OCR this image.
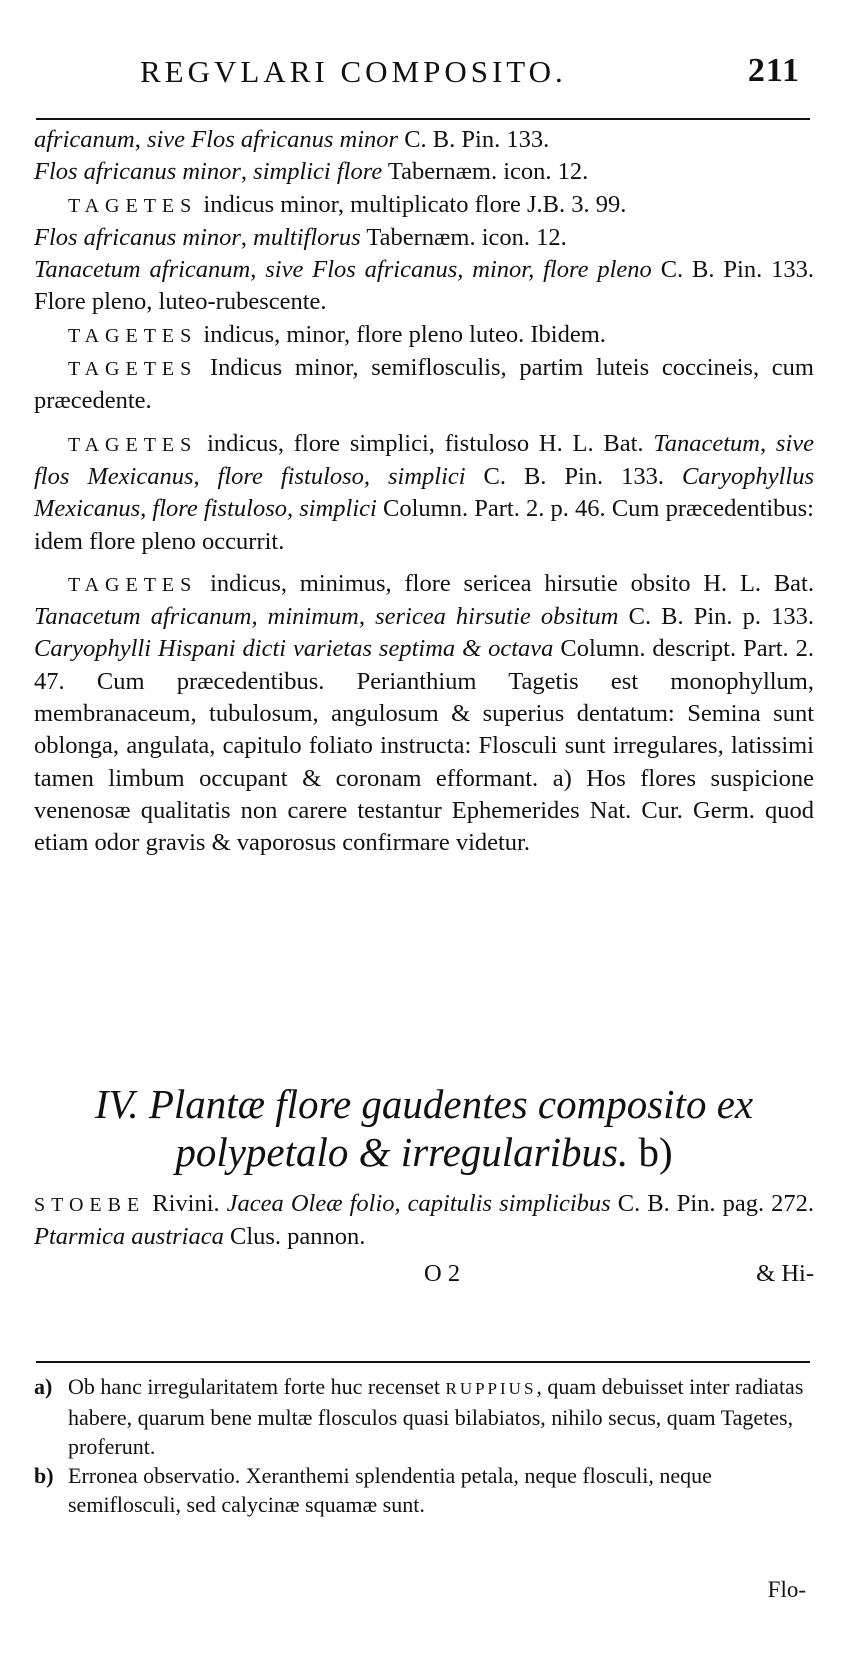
REGVLARI COMPOSITO.	211

africanum, sive Flos africanus minor C. B. Pin. 133.

Flos africanus minor, simplici flore Tabernæm. icon. 12.

TAGETES indicus minor, multiplicato flore J.B. 3. 99.

Flos africanus minor, multiflorus Tabernæm. icon. 12.

Tanacetum africanum, sive Flos africanus, minor, flore pleno C. B. Pin. 133. Flore pleno, luteo-rubescente.

TAGETES indicus, minor, flore pleno luteo. Ibidem.

TAGETES Indicus minor, semiflosculis, partim luteis coccineis, cum præcedente.

TAGETES indicus, flore simplici, fistuloso H. L. Bat. Tanacetum, sive flos Mexicanus, flore fistuloso, simplici C. B. Pin. 133. Caryophyllus Mexicanus, flore fistuloso, simplici Column. Part. 2. p. 46. Cum præcedentibus: idem flore pleno occurrit.

TAGETES indicus, minimus, flore sericea hirsutie obsito H. L. Bat. Tanacetum africanum, minimum, sericea hirsutie obsitum C. B. Pin. p. 133. Caryophylli Hispani dicti varietas septima & octava Column. descript. Part. 2. 47. Cum præcedentibus. Perianthium Tagetis est monophyllum, membranaceum, tubulosum, angulosum & superius dentatum: Semina sunt oblonga, angulata, capitulo foliato instructa: Flosculi sunt irregulares, latissimi tamen limbum occupant & coronam efformant. a) Hos flores suspicione venenosæ qualitatis non carere testantur Ephemerides Nat. Cur. Germ. quod etiam odor gravis & vaporosus confirmare videtur.

IV. Plantæ flore gaudentes composito ex polypetalo & irregularibus. b)

STOEBE Rivini. Jacea Oleæ folio, capitulis simplicibus C. B. Pin. pag. 272. Ptarmica austriaca Clus. pannon.

O 2	& Hi-
a) Ob hanc irregularitatem forte huc recenset RUPPIUS, quam debuisset inter radiatas habere, quarum bene multæ flosculos quasi bilabiatos, nihilo secus, quam Tagetes, proferunt.
b) Erronea observatio. Xeranthemi splendentia petala, neque flosculi, neque semiflosculi, sed calycinæ squamæ sunt.
Flo-
